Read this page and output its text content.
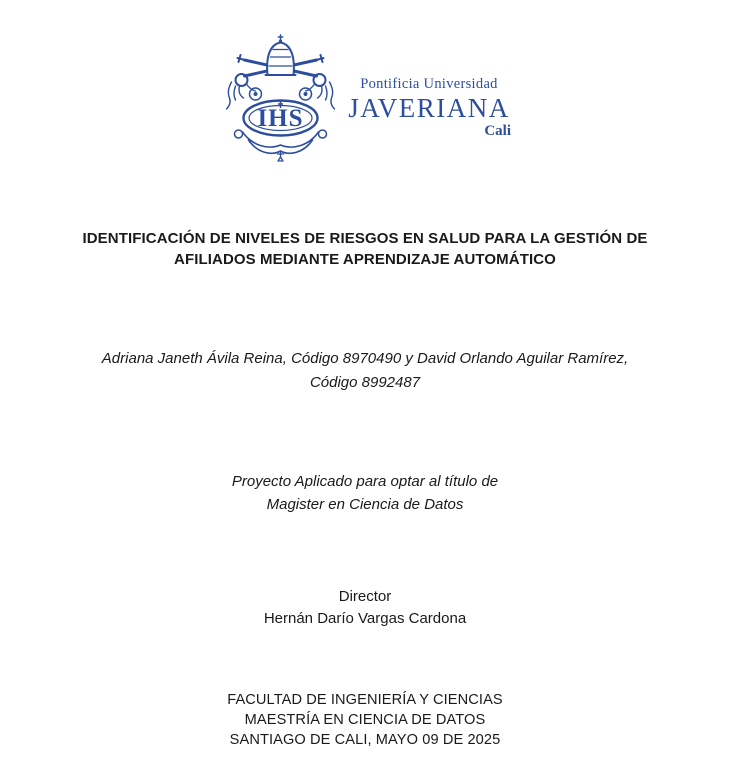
IHS
Pontificia Universidad
JAVERIANA
Cali
IDENTIFICACIÓN DE NIVELES DE RIESGOS EN SALUD PARA LA GESTIÓN DE
AFILIADOS MEDIANTE APRENDIZAJE AUTOMÁTICO
Adriana Janeth Ávila Reina, Código 8970490 y David Orlando Aguilar Ramírez,
Código 8992487
Proyecto Aplicado para optar al título de
Magister en Ciencia de Datos
Director
Hernán Darío Vargas Cardona
FACULTAD DE INGENIERÍA Y CIENCIAS
MAESTRÍA EN CIENCIA DE DATOS
SANTIAGO DE CALI, MAYO 09 DE 2025
